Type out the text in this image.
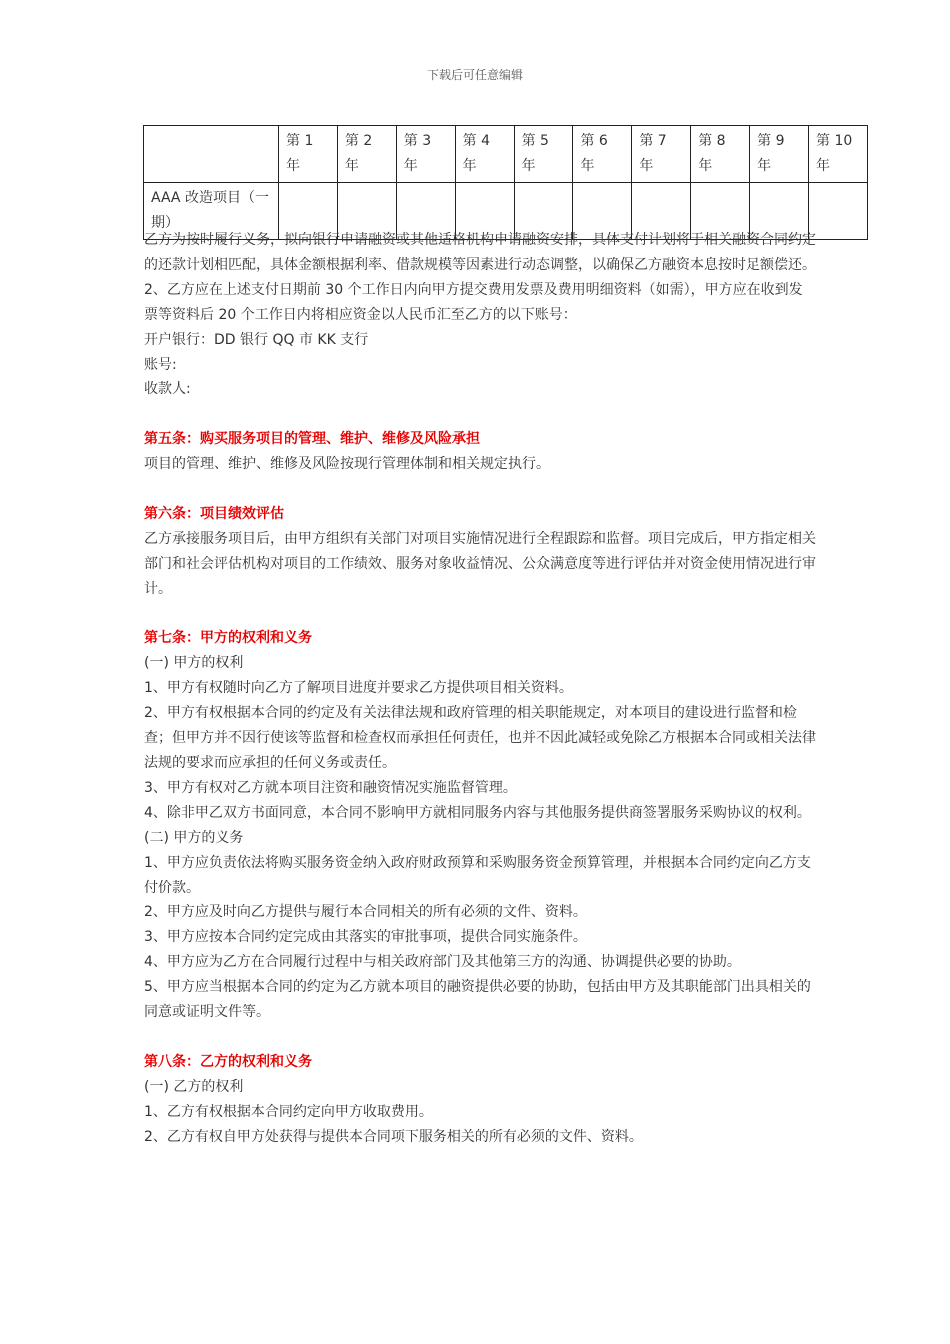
下载后可任意编辑
	第 1 年	第 2 年	第 3 年	第 4 年	第 5 年	第 6 年	第 7 年	第 8 年	第 9 年	第 10 年
AAA 改造项目（一期）										

乙方为按时履行义务，拟向银行申请融资或其他适格机构申请融资安排，具体支付计划将于相关融资合同约定的还款计划相匹配，具体金额根据利率、借款规模等因素进行动态调整，以确保乙方融资本息按时足额偿还。

2、乙方应在上述支付日期前 30 个工作日内向甲方提交费用发票及费用明细资料（如需），甲方应在收到发票等资料后 20 个工作日内将相应资金以人民币汇至乙方的以下账号：

开户银行：DD 银行 QQ 市 KK 支行

账号:

收款人:

第五条：购买服务项目的管理、维护、维修及风险承担

项目的管理、维护、维修及风险按现行管理体制和相关规定执行。

第六条：项目绩效评估

乙方承接服务项目后，由甲方组织有关部门对项目实施情况进行全程跟踪和监督。项目完成后，甲方指定相关部门和社会评估机构对项目的工作绩效、服务对象收益情况、公众满意度等进行评估并对资金使用情况进行审计。

第七条：甲方的权利和义务

(一) 甲方的权利

1、甲方有权随时向乙方了解项目进度并要求乙方提供项目相关资料。

2、甲方有权根据本合同的约定及有关法律法规和政府管理的相关职能规定，对本项目的建设进行监督和检查；但甲方并不因行使该等监督和检查权而承担任何责任，也并不因此减轻或免除乙方根据本合同或相关法律法规的要求而应承担的任何义务或责任。

3、甲方有权对乙方就本项目注资和融资情况实施监督管理。

4、除非甲乙双方书面同意，本合同不影响甲方就相同服务内容与其他服务提供商签署服务采购协议的权利。

(二) 甲方的义务

1、甲方应负责依法将购买服务资金纳入政府财政预算和采购服务资金预算管理，并根据本合同约定向乙方支付价款。

2、甲方应及时向乙方提供与履行本合同相关的所有必须的文件、资料。

3、甲方应按本合同约定完成由其落实的审批事项，提供合同实施条件。

4、甲方应为乙方在合同履行过程中与相关政府部门及其他第三方的沟通、协调提供必要的协助。

5、甲方应当根据本合同的约定为乙方就本项目的融资提供必要的协助，包括由甲方及其职能部门出具相关的同意或证明文件等。

第八条：乙方的权利和义务

(一) 乙方的权利

1、乙方有权根据本合同约定向甲方收取费用。

2、乙方有权自甲方处获得与提供本合同项下服务相关的所有必须的文件、资料。
